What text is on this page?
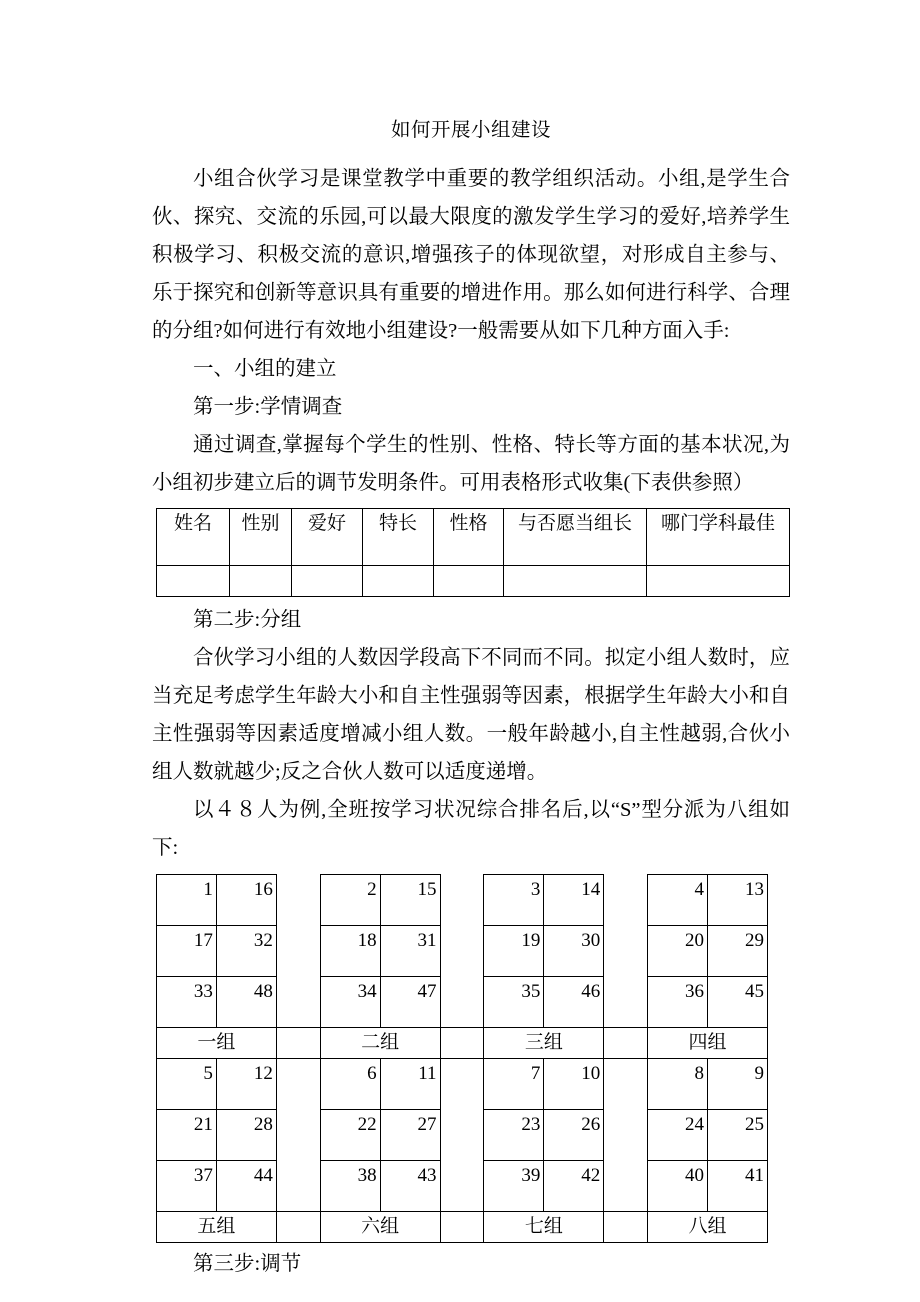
如何开展小组建设

小组合伙学习是课堂教学中重要的教学组织活动。小组,是学生合伙、探究、交流的乐园,可以最大限度的激发学生学习的爱好,培养学生积极学习、积极交流的意识,增强孩子的体现欲望，对形成自主参与、乐于探究和创新等意识具有重要的增进作用。那么如何进行科学、合理的分组?如何进行有效地小组建设?一般需要从如下几种方面入手:

一、小组的建立

第一步:学情调查

通过调查,掌握每个学生的性别、性格、特长等方面的基本状况,为小组初步建立后的调节发明条件。可用表格形式收集(下表供参照）

姓名	性别	爱好	特长	性格	与否愿当组长	哪门学科最佳

第二步:分组

合伙学习小组的人数因学段高下不同而不同。拟定小组人数时，应当充足考虑学生年龄大小和自主性强弱等因素，根据学生年龄大小和自主性强弱等因素适度增减小组人数。一般年龄越小,自主性越弱,合伙小组人数就越少;反之合伙人数可以适度递增。

以４８人为例,全班按学习状况综合排名后,以“S”型分派为八组如下:

1	16		2	15		3	14		4	13
17	32		18	31		19	30		20	29
33	48		34	47		35	46		36	45
一组			二组			三组			四组	
5	12		6	11		7	10		8	9
21	28		22	27		23	26		24	25
37	44		38	43		39	42		40	41
五组			六组			七组			八组	

第三步:调节
